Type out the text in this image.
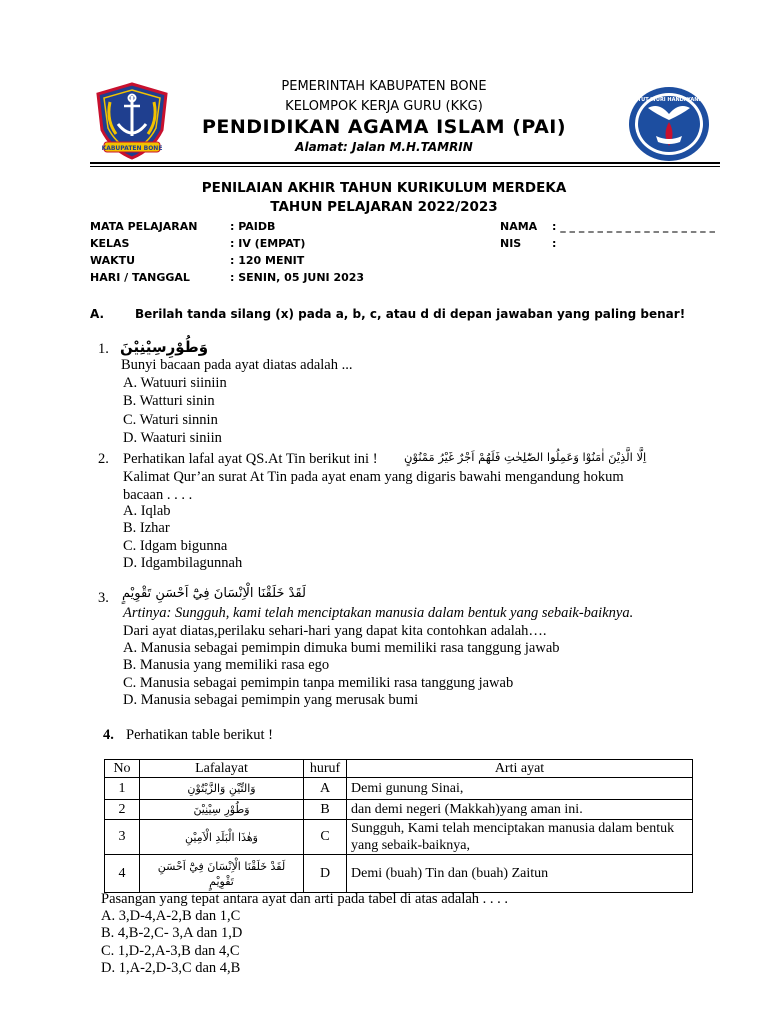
KABUPATEN BONE
TUT WURI HANDAYANI
PEMERINTAH KABUPATEN BONE
KELOMPOK KERJA GURU (KKG)
PENDIDIKAN AGAMA ISLAM (PAI)
Alamat: Jalan M.H.TAMRIN
PENILAIAN AKHIR TAHUN KURIKULUM MERDEKA
TAHUN PELAJARAN 2022/2023
MATA PELAJARAN	: PAIDB
KELAS	: IV (EMPAT)
WAKTU	: 120 MENIT
HARI / TANGGAL	: SENIN, 05 JUNI 2023
NAMA : _ _ _ _ _ _ _ _ _ _ _ _ _ _ _ _ _
NIS	:
A.	Berilah tanda silang (x) pada a, b, c, atau d di depan jawaban yang paling benar!
1. وَطُوْرِسِيْنِيْنَ
Bunyi bacaan pada ayat diatas adalah ...
A. Watuuri siiniin
B. Watturi sinin
C. Waturi sinnin
D. Waaturi siniin
2. Perhatikan lafal ayat QS.At Tin berikut ini ! اِلَّا الَّذِيْنَ اٰمَنُوْا وَعَمِلُوا الصّٰلِحٰتِ فَلَهُمْ اَجْرٌ غَيْرُ مَمْنُوْنٍ
Kalimat Qur’an surat At Tin pada ayat enam yang digaris bawahi mengandung hokum
bacaan . . . .
A. Iqlab
B. Izhar
C. Idgam bigunna
D. Idgambilagunnah
3. لَقَدْ خَلَقْنَا الْاِنْسَانَ فِيْٓ اَحْسَنِ تَقْوِيْمٍ
Artinya: Sungguh, kami telah menciptakan manusia dalam bentuk yang sebaik-baiknya.
Dari ayat diatas,perilaku sehari-hari yang dapat kita contohkan adalah….
A. Manusia sebagai pemimpin dimuka bumi memiliki rasa tanggung jawab
B. Manusia yang memiliki rasa ego
C. Manusia sebagai pemimpin tanpa memiliki rasa tanggung jawab
D. Manusia sebagai pemimpin yang merusak bumi
4. Perhatikan table berikut !
No	Lafalayat	huruf	Arti ayat
1	وَالتِّيْنِ وَالزَّيْتُوْنِ	A	Demi gunung Sinai,
2	وَطُوْرِ سِيْنِيْنَ	B	dan demi negeri (Makkah)yang aman ini.
3	وَهٰذَا الْبَلَدِ الْاَمِيْنِ	C	Sungguh, Kami telah menciptakan manusia dalam bentuk yang sebaik-baiknya,
4	لَقَدْ خَلَقْنَا الْاِنْسَانَ فِيْٓ اَحْسَنِ تَقْوِيْمٍ	D	Demi (buah) Tin dan (buah) Zaitun
Pasangan yang tepat antara ayat dan arti pada tabel di atas adalah . . . .
A. 3,D-4,A-2,B dan 1,C
B. 4,B-2,C- 3,A dan 1,D
C. 1,D-2,A-3,B dan 4,C
D. 1,A-2,D-3,C dan 4,B
